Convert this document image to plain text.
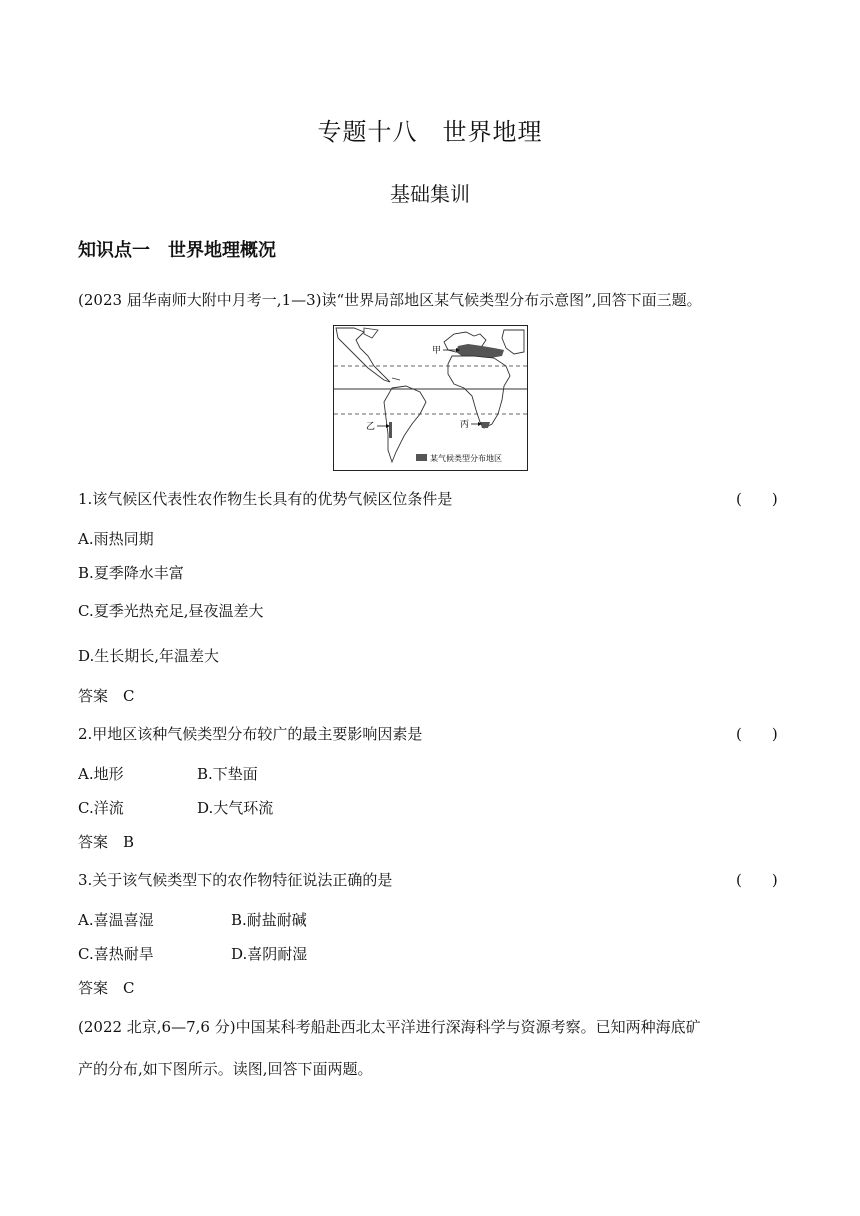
专题十八　世界地理
基础集训
知识点一　世界地理概况
(2023 届华南师大附中月考一,1—3)读“世界局部地区某气候类型分布示意图”,回答下面三题。
甲
乙	丙
某气候类型分布地区
1.该气候区代表性农作物生长具有的优势气候区位条件是	(　　)
A.雨热同期
B.夏季降水丰富
C.夏季光热充足,昼夜温差大
D.生长期长,年温差大
答案　C
2.甲地区该种气候类型分布较广的最主要影响因素是	(　　)
A.地形	B.下垫面
C.洋流	D.大气环流
答案　B
3.关于该气候类型下的农作物特征说法正确的是	(　　)
A.喜温喜湿	B.耐盐耐碱
C.喜热耐旱	D.喜阴耐湿
答案　C
(2022 北京,6—7,6 分)中国某科考船赴西北太平洋进行深海科学与资源考察。已知两种海底矿
产的分布,如下图所示。读图,回答下面两题。
